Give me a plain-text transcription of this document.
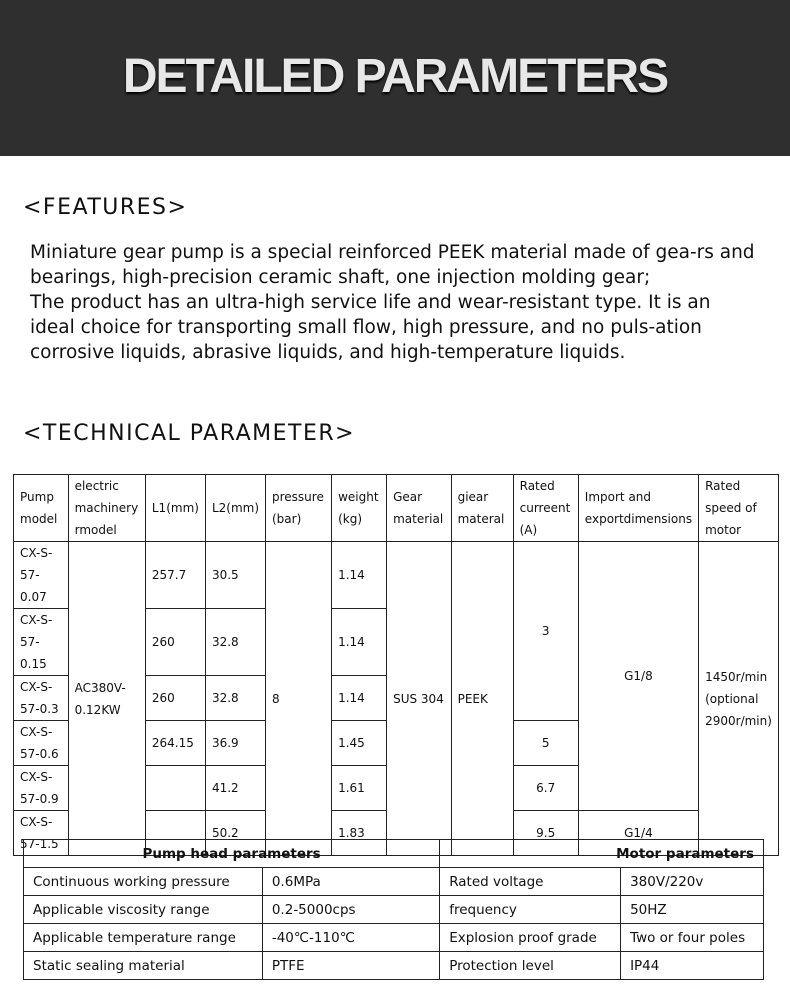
DETAILED PARAMETERS
<FEATURES>

Miniature gear pump is a special reinforced PEEK material made of gea-rs and bearings, high-precision ceramic shaft, one injection molding gear;

The product has an ultra-high service life and wear-resistant type. It is an ideal choice for transporting small flow, high pressure, and no puls-ation corrosive liquids, abrasive liquids, and high-temperature liquids.

<TECHNICAL PARAMETER>
Pump model	electric machinery rmodel	L1(mm)	L2(mm)	pressure (bar)	weight (kg)	Gear material	giear materal	Rated curreent (A)	Import and exportdimensions	Rated speed of motor
CX-S-57-0.07	AC380V-0.12KW	257.7	30.5	8	1.14	SUS 304	PEEK	3	G1/8	1450r/min (optional 2900r/min)
CX-S-57-0.15		260	32.8		1.14					
CX-S-57-0.3		260	32.8		1.14					
CX-S-57-0.6		264.15	36.9		1.45			5		
CX-S-57-0.9			41.2		1.61			6.7		
CX-S-57-1.5			50.2		1.83			9.5	G1/4	
Pump head parameters		Motor parameters	
Continuous working pressure	0.6MPa	Rated voltage	380V/220v
Applicable viscosity range	0.2-5000cps	frequency	50HZ
Applicable temperature range	-40℃-110℃	Explosion proof grade	Two or four poles
Static sealing material	PTFE	Protection level	IP44
